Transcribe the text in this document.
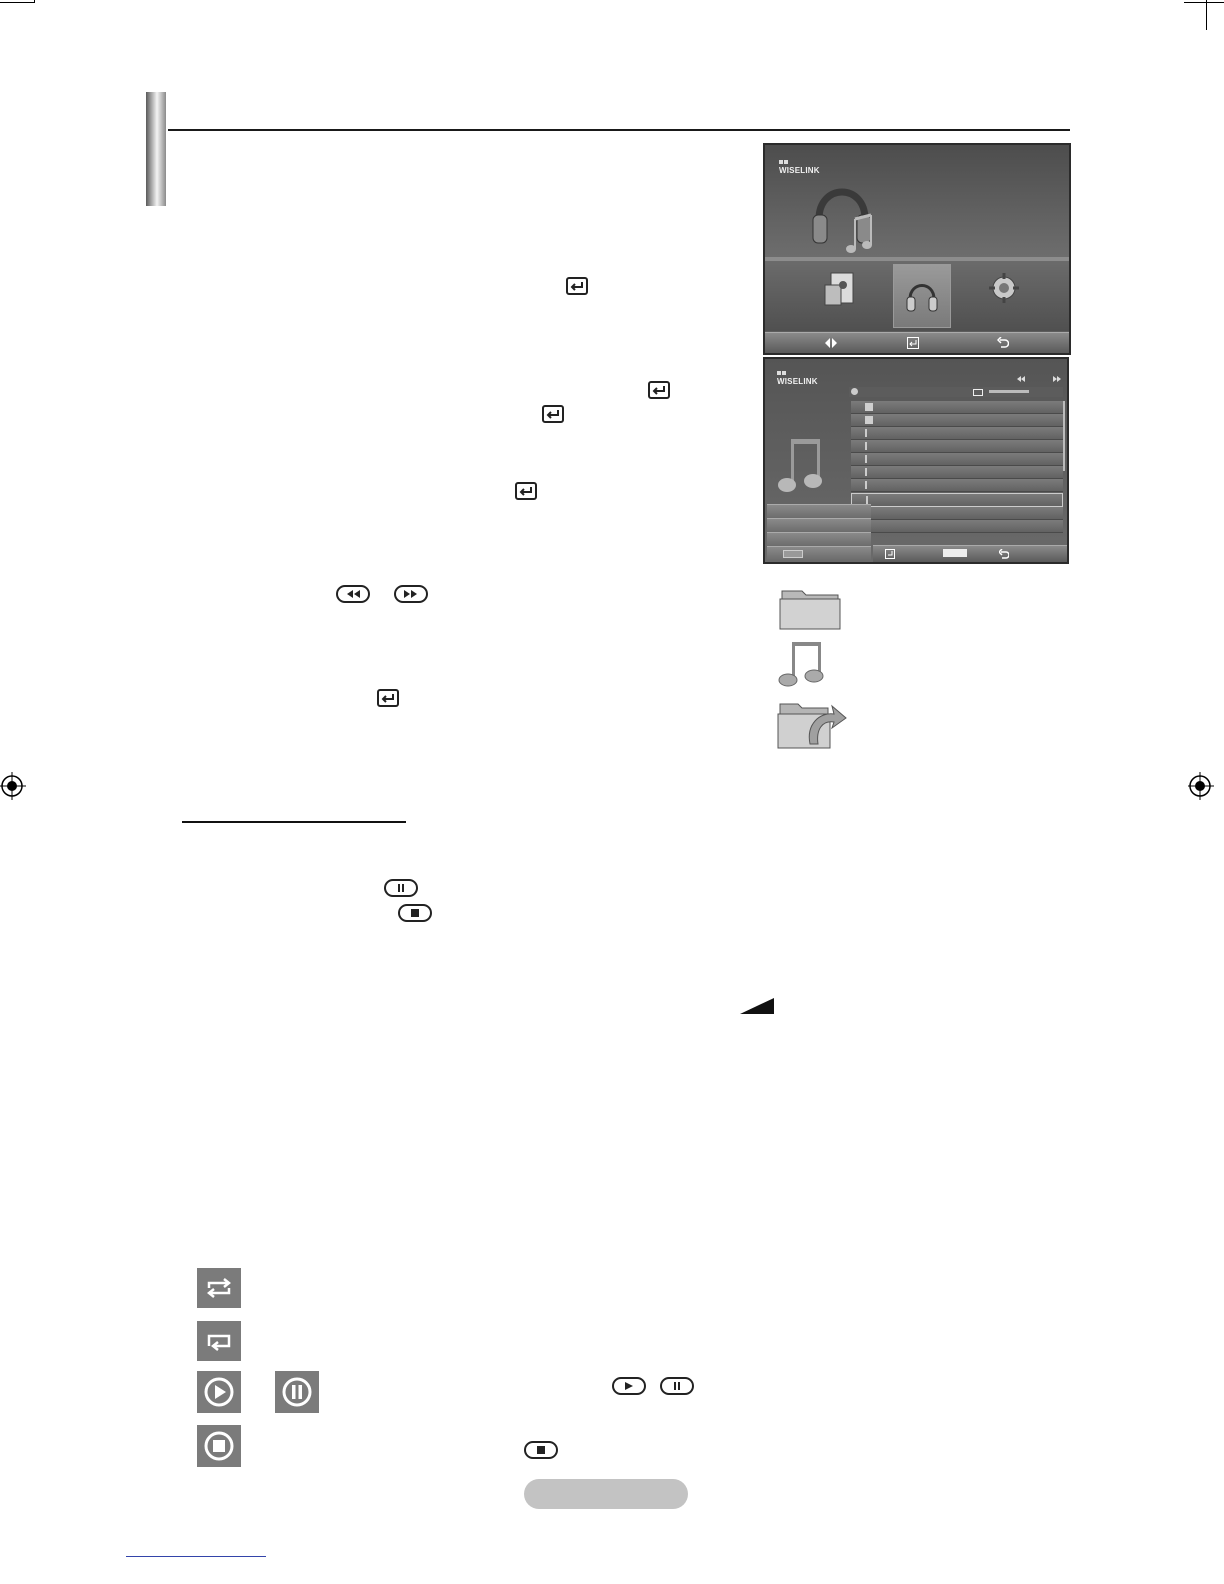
WISELINK

WISELINK
